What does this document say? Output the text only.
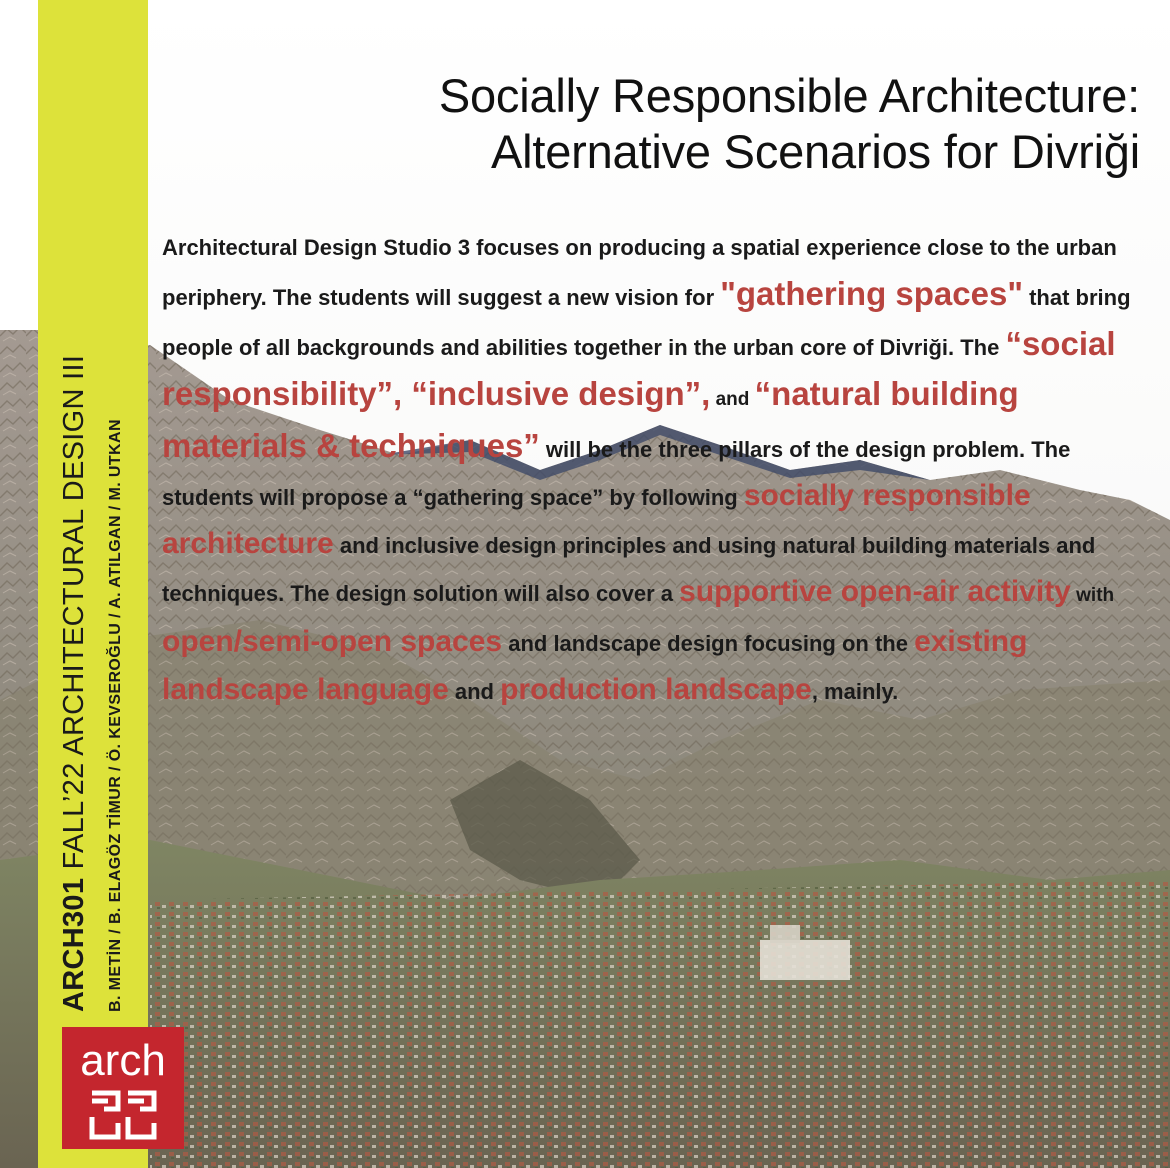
ARCH301 FALL’22 ARCHITECTURAL DESIGN III B. METİN / B. ELAGÖZ TİMUR / Ö. KEVSEROĞLU / A. ATILGAN / M. UTKAN
arch
Socially Responsible Architecture:
Alternative Scenarios for Divriği
Architectural Design Studio 3 focuses on producing a spatial experience close to the urban periphery. The students will suggest a new vision for "gathering spaces" that bring people of all backgrounds and abilities together in the urban core of Divriği. The “social responsibility”, “inclusive design”, and “natural building materials & techniques” will be the three pillars of the design problem. The students will propose a “gathering space” by following socially responsible architecture and inclusive design principles and using natural building materials and techniques. The design solution will also cover a supportive open-air activity with open/semi-open spaces and landscape design focusing on the existing landscape language and production landscape, mainly.
